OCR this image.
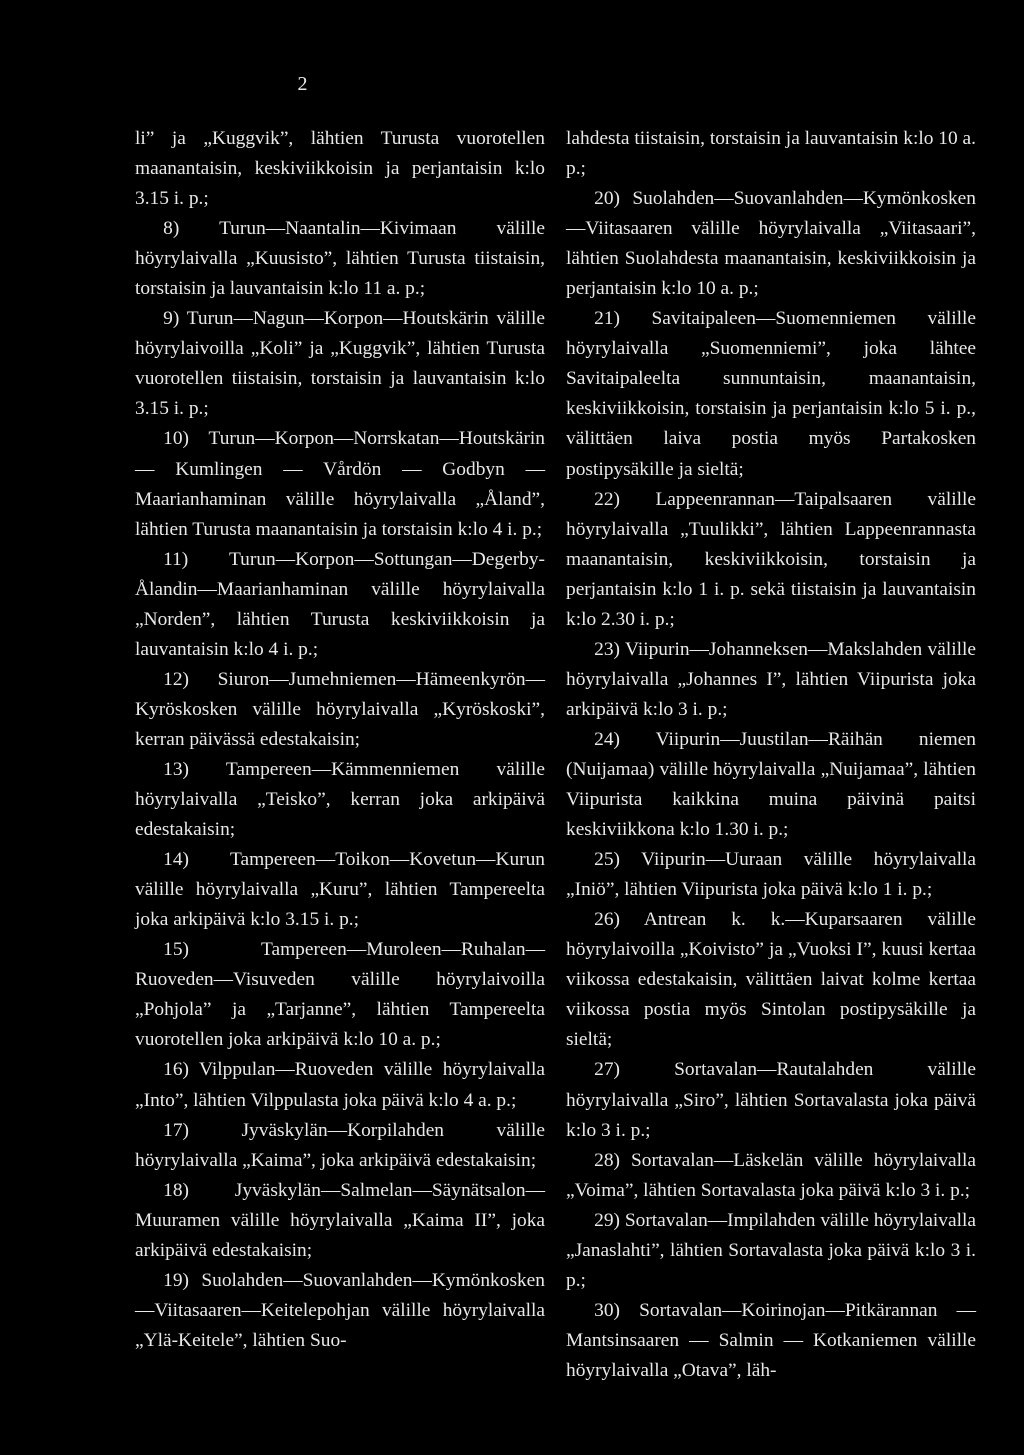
2

li” ja „Kuggvik”, lähtien Turusta vuorotellen maanantaisin, keskiviikkoisin ja perjantaisin k:lo 3.15 i. p.;

8) Turun—Naantalin—Kivimaan välille höyrylaivalla „Kuusisto”, lähtien Turusta tiistaisin, torstaisin ja lauvantaisin k:lo 11 a. p.;

9) Turun—Nagun—Korpon—Houtskärin välille höyrylaivoilla „Koli” ja „Kuggvik”, lähtien Turusta vuorotellen tiistaisin, torstaisin ja lauvantaisin k:lo 3.15 i. p.;

10) Turun—Korpon—Norrskatan—Houtskärin — Kumlingen — Vårdön — Godbyn —Maarianhaminan välille höyrylaivalla „Åland”, lähtien Turusta maanantaisin ja torstaisin k:lo 4 i. p.;

11) Turun—Korpon—Sottungan—Degerby-Ålandin—Maarianhaminan välille höyrylaivalla „Norden”, lähtien Turusta keskiviikkoisin ja lauvantaisin k:lo 4 i. p.;

12) Siuron—Jumehniemen—Hämeenkyrön—Kyröskosken välille höyrylaivalla „Kyröskoski”, kerran päivässä edestakaisin;

13) Tampereen—Kämmenniemen välille höyrylaivalla „Teisko”, kerran joka arkipäivä edestakaisin;

14) Tampereen—Toikon—Kovetun—Kurun välille höyrylaivalla „Kuru”, lähtien Tampereelta joka arkipäivä k:lo 3.15 i. p.;

15) Tampereen—Muroleen—Ruhalan—Ruoveden—Visuveden välille höyrylaivoilla „Pohjola” ja „Tarjanne”, lähtien Tampereelta vuorotellen joka arkipäivä k:lo 10 a. p.;

16) Vilppulan—Ruoveden välille höyrylaivalla „Into”, lähtien Vilppulasta joka päivä k:lo 4 a. p.;

17) Jyväskylän—Korpilahden välille höyrylaivalla „Kaima”, joka arkipäivä edestakaisin;

18) Jyväskylän—Salmelan—Säynätsalon—Muuramen välille höyrylaivalla „Kaima II”, joka arkipäivä edestakaisin;

19) Suolahden—Suovanlahden—Kymönkosken—Viitasaaren—Keitelepohjan välille höyrylaivalla „Ylä-Keitele”, lähtien Suo-

lahdesta tiistaisin, torstaisin ja lauvantaisin k:lo 10 a. p.;

20) Suolahden—Suovanlahden—Kymönkosken—Viitasaaren välille höyrylaivalla „Viitasaari”, lähtien Suolahdesta maanantaisin, keskiviikkoisin ja perjantaisin k:lo 10 a. p.;

21) Savitaipaleen—Suomenniemen välille höyrylaivalla „Suomenniemi”, joka lähtee Savitaipaleelta sunnuntaisin, maanantaisin, keskiviikkoisin, torstaisin ja perjantaisin k:lo 5 i. p., välittäen laiva postia myös Partakosken postipysäkille ja sieltä;

22) Lappeenrannan—Taipalsaaren välille höyrylaivalla „Tuulikki”, lähtien Lappeenrannasta maanantaisin, keskiviikkoisin, torstaisin ja perjantaisin k:lo 1 i. p. sekä tiistaisin ja lauvantaisin k:lo 2.30 i. p.;

23) Viipurin—Johanneksen—Makslahden välille höyrylaivalla „Johannes I”, lähtien Viipurista joka arkipäivä k:lo 3 i. p.;

24) Viipurin—Juustilan—Räihän niemen (Nuijamaa) välille höyrylaivalla „Nuijamaa”, lähtien Viipurista kaikkina muina päivinä paitsi keskiviikkona k:lo 1.30 i. p.;

25) Viipurin—Uuraan välille höyrylaivalla „Iniö”, lähtien Viipurista joka päivä k:lo 1 i. p.;

26) Antrean k. k.—Kuparsaaren välille höyrylaivoilla „Koivisto” ja „Vuoksi I”, kuusi kertaa viikossa edestakaisin, välittäen laivat kolme kertaa viikossa postia myös Sintolan postipysäkille ja sieltä;

27) Sortavalan—Rautalahden välille höyrylaivalla „Siro”, lähtien Sortavalasta joka päivä k:lo 3 i. p.;

28) Sortavalan—Läskelän välille höyrylaivalla „Voima”, lähtien Sortavalasta joka päivä k:lo 3 i. p.;

29) Sortavalan—Impilahden välille höyrylaivalla „Janaslahti”, lähtien Sortavalasta joka päivä k:lo 3 i. p.;

30) Sortavalan—Koirinojan—Pitkärannan — Mantsinsaaren — Salmin — Kotkaniemen välille höyrylaivalla „Otava”, läh-
